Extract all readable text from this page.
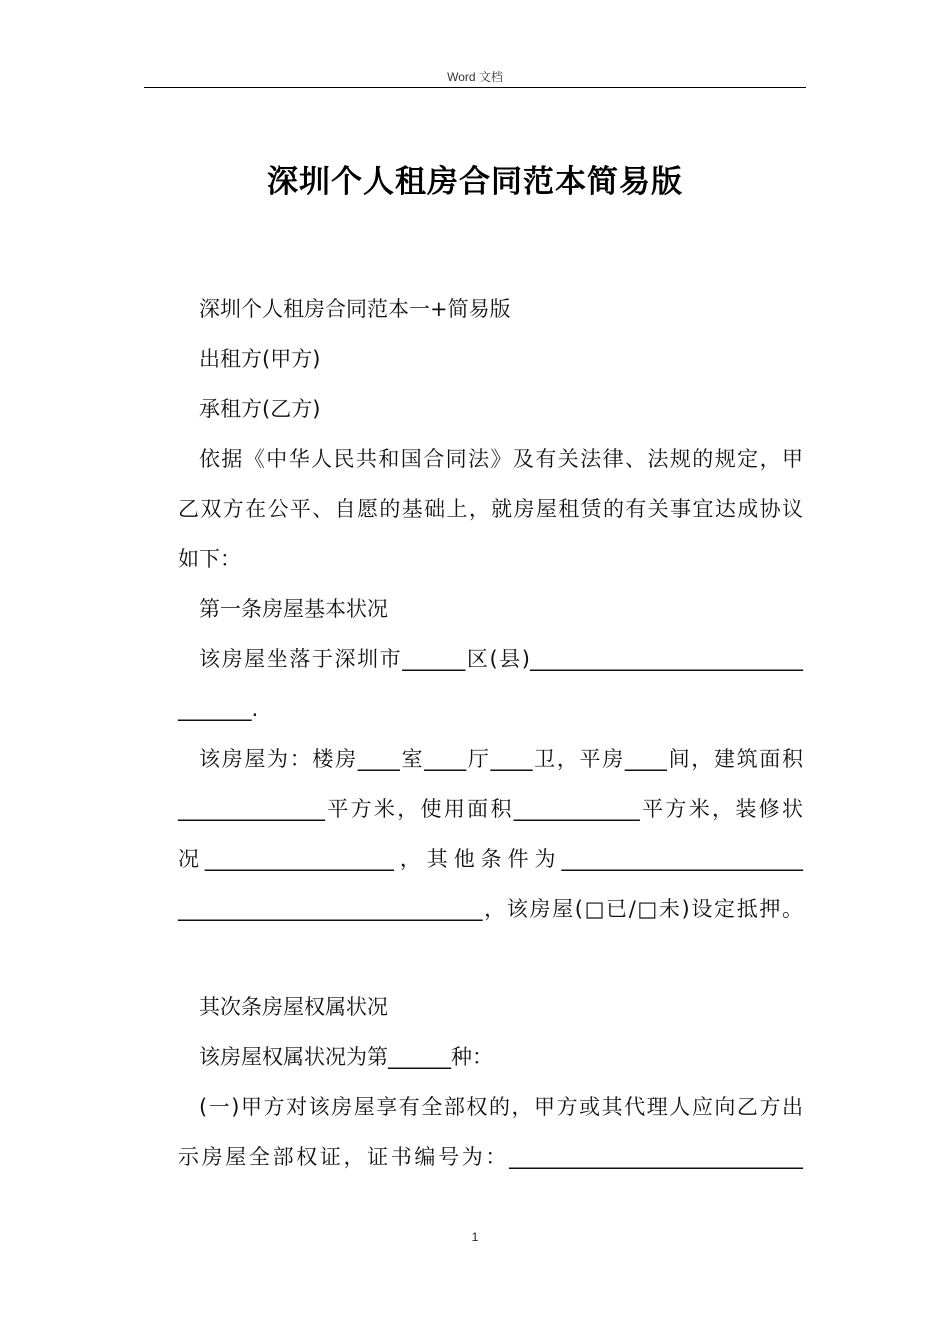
Word 文档
深圳个人租房合同范本简易版
深圳个人租房合同范本一+简易版
出租方(甲方)
承租方(乙方)
依据《中华人民共和国合同法》及有关法律、法规的规定，甲
乙双方在公平、自愿的基础上，就房屋租赁的有关事宜达成协议
如下：
第一条房屋基本状况
该房屋坐落于深圳市______区(县)__________________________
_______.
该房屋为：楼房____室____厅____卫，平房____间，建筑面积
______________平方米，使用面积____________平方米，装修状
况__________________，其他条件为_______________________
_____________________________，该房屋(□已/□未)设定抵押。
其次条房屋权属状况
该房屋权属状况为第______种：
(一)甲方对该房屋享有全部权的，甲方或其代理人应向乙方出
示房屋全部权证，证书编号为：____________________________
1
